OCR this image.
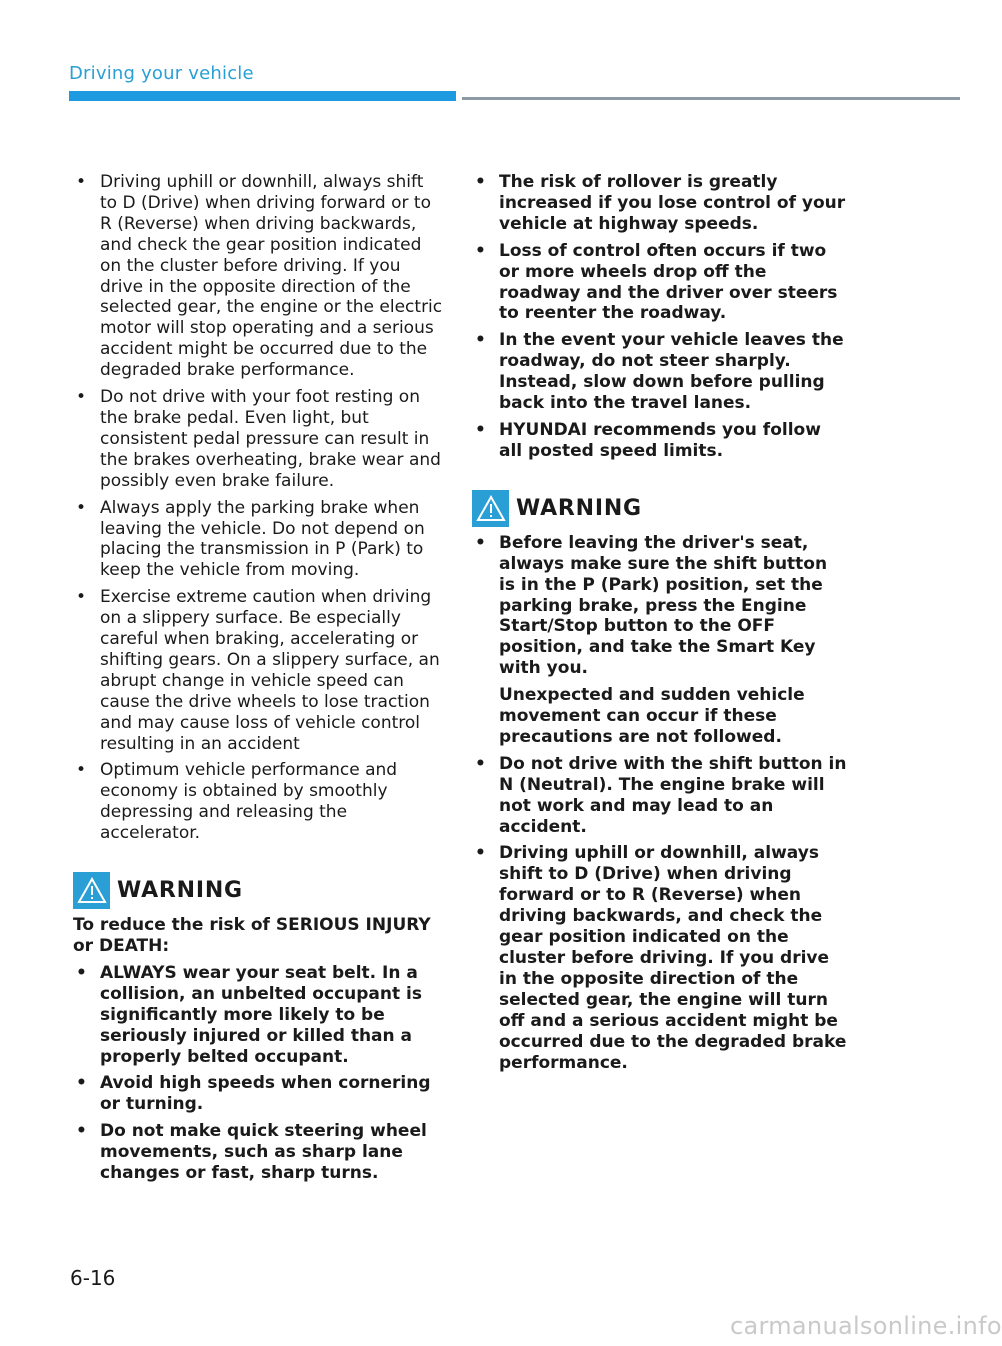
Driving your vehicle
• Driving uphill or downhill, always shift to D (Drive) when driving forward or to R (Reverse) when driving backwards, and check the gear position indicated on the cluster before driving. If you drive in the opposite direction of the selected gear, the engine or the electric motor will stop operating and a serious accident might be occurred due to the degraded brake performance.
• Do not drive with your foot resting on the brake pedal. Even light, but consistent pedal pressure can result in the brakes overheating, brake wear and possibly even brake failure.
• Always apply the parking brake when leaving the vehicle. Do not depend on placing the transmission in P (Park) to keep the vehicle from moving.
• Exercise extreme caution when driving on a slippery surface. Be especially careful when braking, accelerating or shifting gears. On a slippery surface, an abrupt change in vehicle speed can cause the drive wheels to lose traction and may cause loss of vehicle control resulting in an accident
• Optimum vehicle performance and economy is obtained by smoothly depressing and releasing the accelerator.
WARNING
To reduce the risk of SERIOUS INJURY or DEATH:
• ALWAYS wear your seat belt. In a collision, an unbelted occupant is significantly more likely to be seriously injured or killed than a properly belted occupant.
• Avoid high speeds when cornering or turning.
• Do not make quick steering wheel movements, such as sharp lane changes or fast, sharp turns.
• The risk of rollover is greatly increased if you lose control of your vehicle at highway speeds.
• Loss of control often occurs if two or more wheels drop off the roadway and the driver over steers to reenter the roadway.
• In the event your vehicle leaves the roadway, do not steer sharply. Instead, slow down before pulling back into the travel lanes.
• HYUNDAI recommends you follow all posted speed limits.
WARNING
• Before leaving the driver's seat, always make sure the shift button is in the P (Park) position, set the parking brake, press the Engine Start/Stop button to the OFF position, and take the Smart Key with you.
Unexpected and sudden vehicle movement can occur if these precautions are not followed.
• Do not drive with the shift button in N (Neutral). The engine brake will not work and may lead to an accident.
• Driving uphill or downhill, always shift to D (Drive) when driving forward or to R (Reverse) when driving backwards, and check the gear position indicated on the cluster before driving. If you drive in the opposite direction of the selected gear, the engine will turn off and a serious accident might be occurred due to the degraded brake performance.
6-16
carmanualsonline.info
